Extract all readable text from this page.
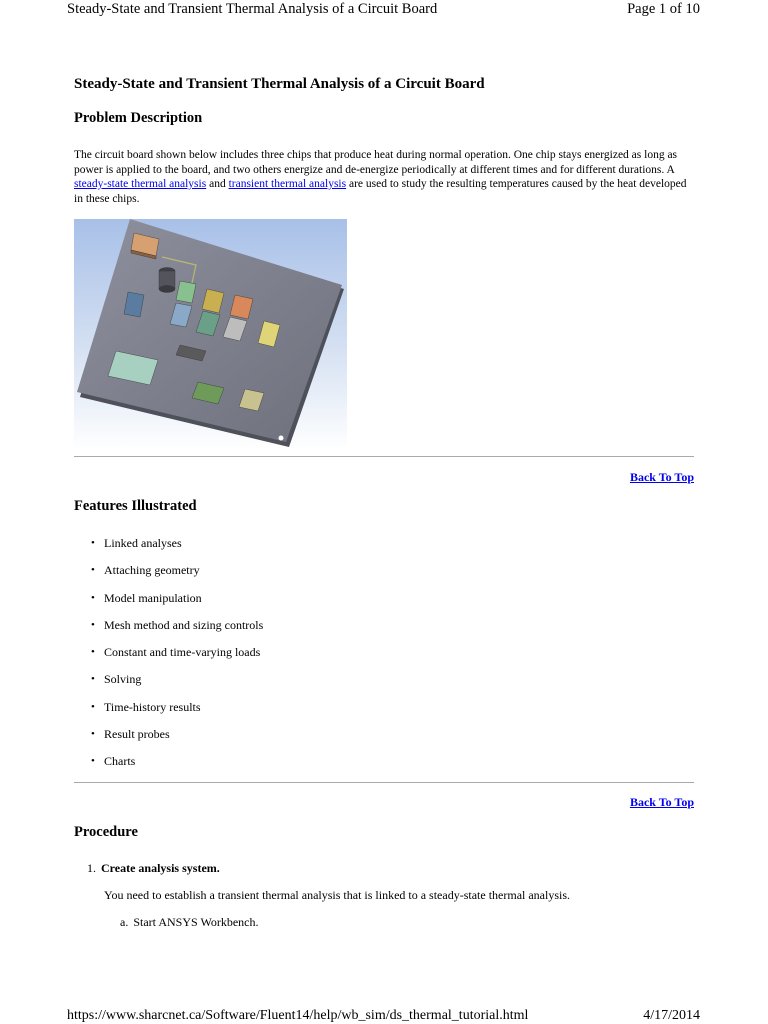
Steady-State and Transient Thermal Analysis of a Circuit Board	Page 1 of 10
Steady-State and Transient Thermal Analysis of a Circuit Board
Problem Description

The circuit board shown below includes three chips that produce heat during normal operation. One chip stays energized as long as power is applied to the board, and two others energize and de-energize periodically at different times and for different durations. A steady-state thermal analysis and transient thermal analysis are used to study the resulting temperatures caused by the heat developed in these chips.

Back To Top
Features Illustrated
• Linked analyses
• Attaching geometry
• Model manipulation
• Mesh method and sizing controls
• Constant and time-varying loads
• Solving
• Time-history results
• Result probes
• Charts
Back To Top
Procedure
1. Create analysis system.
You need to establish a transient thermal analysis that is linked to a steady-state thermal analysis.
a. Start ANSYS Workbench.
https://www.sharcnet.ca/Software/Fluent14/help/wb_sim/ds_thermal_tutorial.html	4/17/2014
